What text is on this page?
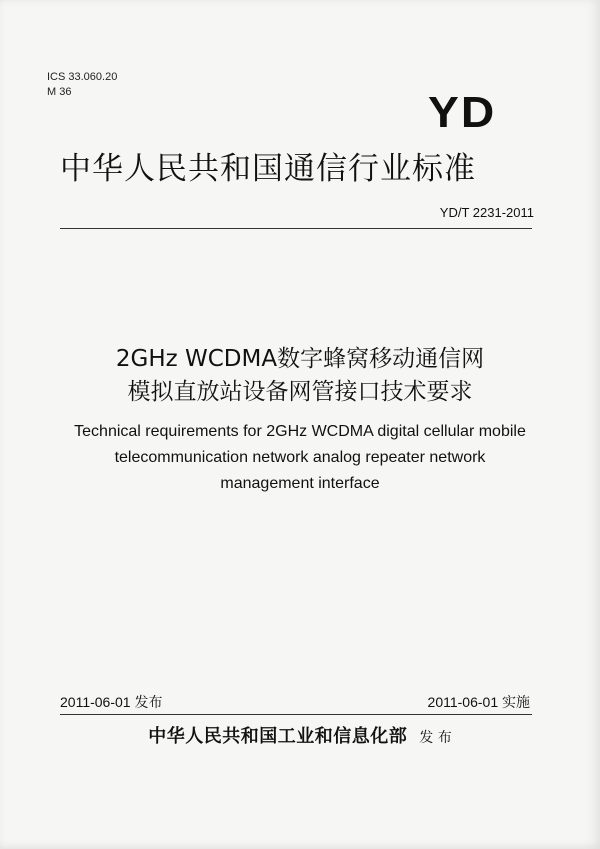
ICS 33.060.20
M 36	YD
中华人民共和国通信行业标准
YD/T 2231-2011
2GHz WCDMA数字蜂窝移动通信网
模拟直放站设备网管接口技术要求
Technical requirements for 2GHz WCDMA digital cellular mobile
telecommunication network analog repeater network
management interface
2011-06-01 发布	2011-06-01 实施
中华人民共和国工业和信息化部 发 布
